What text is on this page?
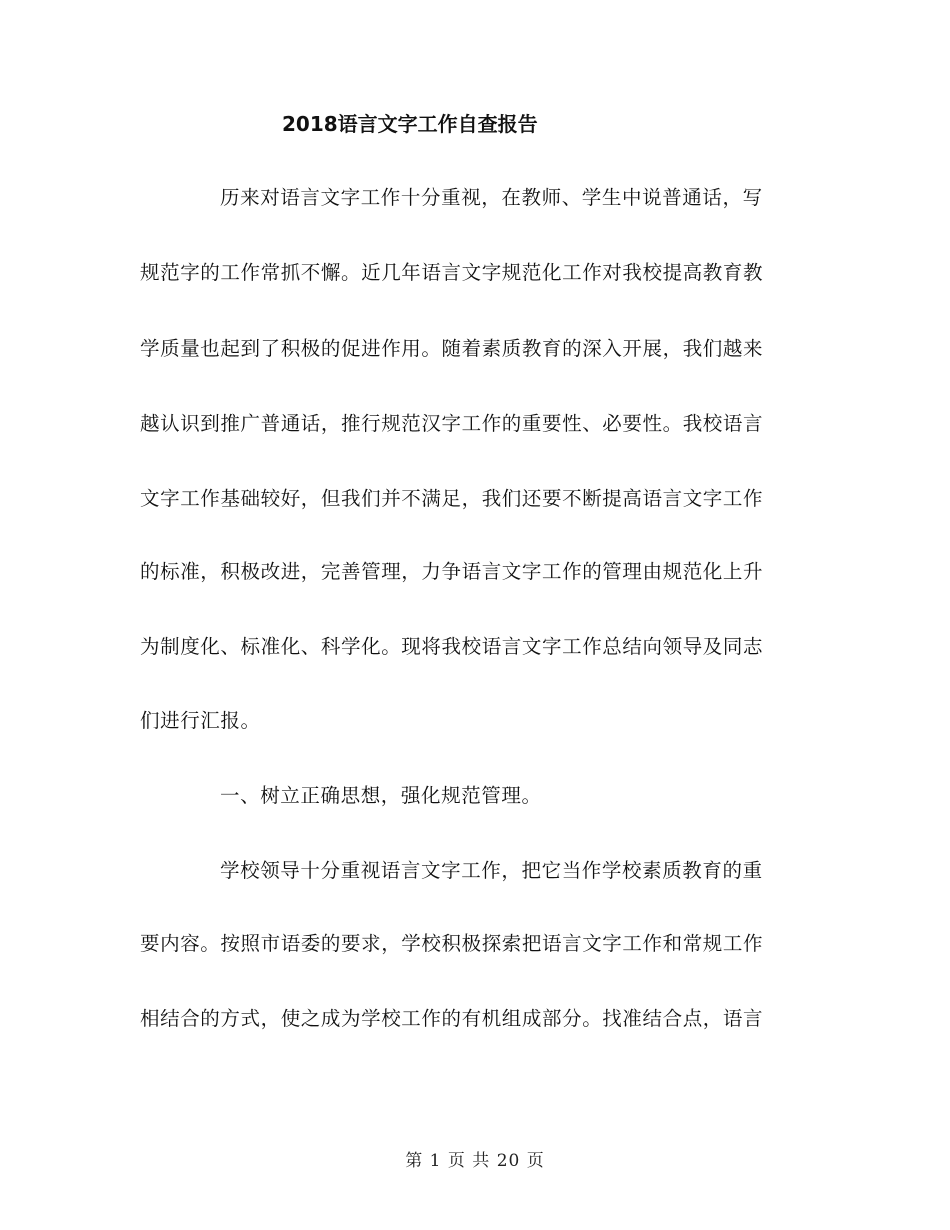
2018语言文字工作自查报告
历来对语言文字工作十分重视，在教师、学生中说普通话，写
规范字的工作常抓不懈。近几年语言文字规范化工作对我校提高教育教
学质量也起到了积极的促进作用。随着素质教育的深入开展，我们越来
越认识到推广普通话，推行规范汉字工作的重要性、必要性。我校语言
文字工作基础较好，但我们并不满足，我们还要不断提高语言文字工作
的标准，积极改进，完善管理，力争语言文字工作的管理由规范化上升
为制度化、标准化、科学化。现将我校语言文字工作总结向领导及同志
们进行汇报。
一、树立正确思想，强化规范管理。
学校领导十分重视语言文字工作，把它当作学校素质教育的重
要内容。按照市语委的要求，学校积极探索把语言文字工作和常规工作
相结合的方式，使之成为学校工作的有机组成部分。找准结合点，语言
第 1 页 共 20 页
